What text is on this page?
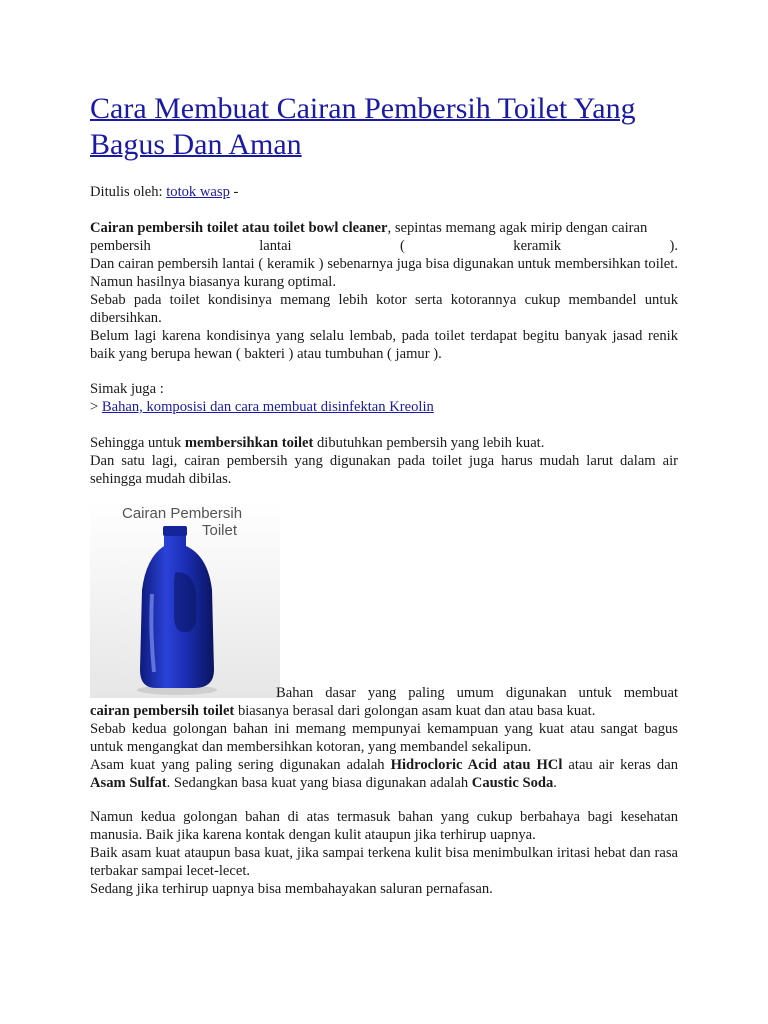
Cara Membuat Cairan Pembersih Toilet Yang Bagus Dan Aman
Ditulis oleh: totok wasp -
Cairan pembersih toilet atau toilet bowl cleaner, sepintas memang agak mirip dengan cairan
pembersih	lantai	(	keramik	).
Dan cairan pembersih lantai ( keramik ) sebenarnya juga bisa digunakan untuk membersihkan toilet. Namun hasilnya biasanya kurang optimal.
Sebab pada toilet kondisinya memang lebih kotor serta kotorannya cukup membandel untuk dibersihkan.
Belum lagi karena kondisinya yang selalu lembab, pada toilet terdapat begitu banyak jasad renik baik yang berupa hewan ( bakteri ) atau tumbuhan ( jamur ).
Simak juga :
> Bahan, komposisi dan cara membuat disinfektan Kreolin
Sehingga untuk membersihkan toilet dibutuhkan pembersih yang lebih kuat.
Dan satu lagi, cairan pembersih yang digunakan pada toilet juga harus mudah larut dalam air sehingga mudah dibilas.
Cairan Pembersih
Toilet
Bahan dasar yang paling umum digunakan untuk membuat
cairan pembersih toilet biasanya berasal dari golongan asam kuat dan atau basa kuat.
Sebab kedua golongan bahan ini memang mempunyai kemampuan yang kuat atau sangat bagus untuk mengangkat dan membersihkan kotoran, yang membandel sekalipun.
Asam kuat yang paling sering digunakan adalah Hidrocloric Acid atau HCl atau air keras dan Asam Sulfat. Sedangkan basa kuat yang biasa digunakan adalah Caustic Soda.
Namun kedua golongan bahan di atas termasuk bahan yang cukup berbahaya bagi kesehatan manusia. Baik jika karena kontak dengan kulit ataupun jika terhirup uapnya.
Baik asam kuat ataupun basa kuat, jika sampai terkena kulit bisa menimbulkan iritasi hebat dan rasa terbakar sampai lecet-lecet.
Sedang jika terhirup uapnya bisa membahayakan saluran pernafasan.
